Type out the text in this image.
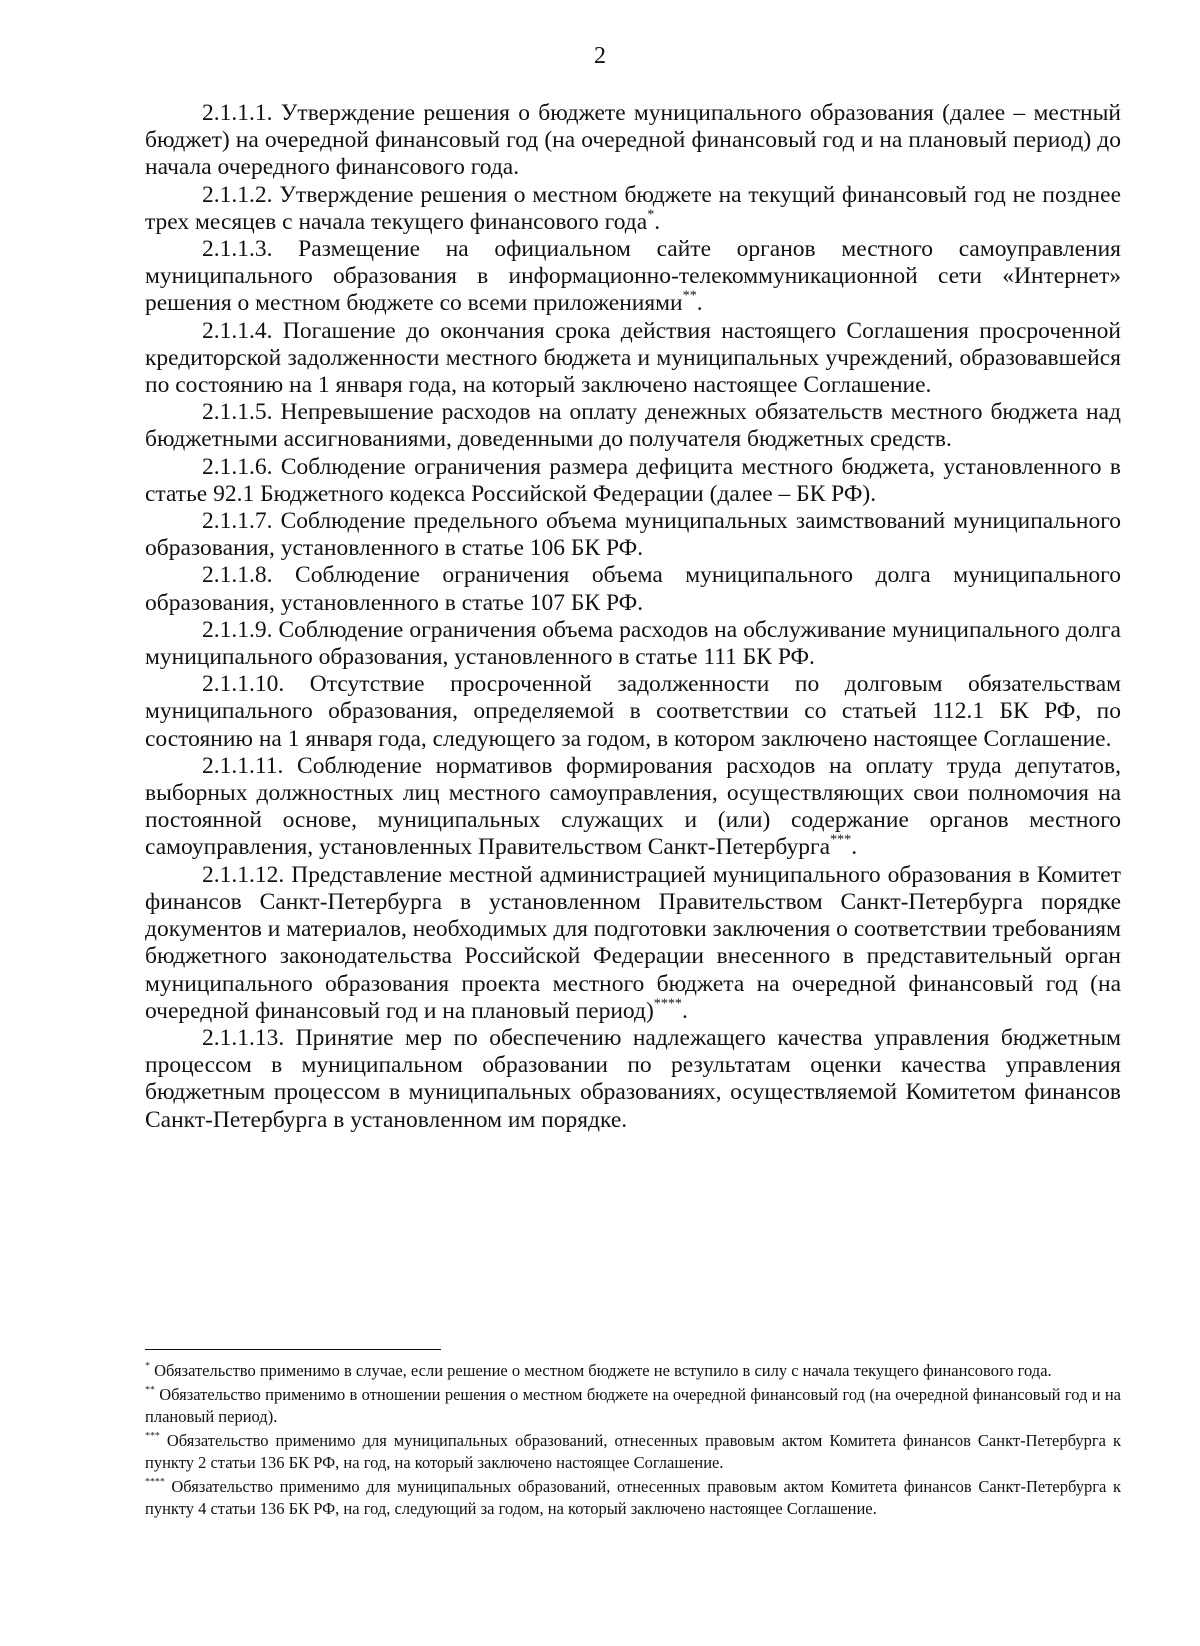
2

2.1.1.1. Утверждение решения о бюджете муниципального образования (далее – местный бюджет) на очередной финансовый год (на очередной финансовый год и на плановый период) до начала очередного финансового года.

2.1.1.2. Утверждение решения о местном бюджете на текущий финансовый год не позднее трех месяцев с начала текущего финансового года*.

2.1.1.3. Размещение на официальном сайте органов местного самоуправления муниципального образования в информационно-телекоммуникационной сети «Интернет» решения о местном бюджете со всеми приложениями**.

2.1.1.4. Погашение до окончания срока действия настоящего Соглашения просроченной кредиторской задолженности местного бюджета и муниципальных учреждений, образовавшейся по состоянию на 1 января года, на который заключено настоящее Соглашение.

2.1.1.5. Непревышение расходов на оплату денежных обязательств местного бюджета над бюджетными ассигнованиями, доведенными до получателя бюджетных средств.

2.1.1.6. Соблюдение ограничения размера дефицита местного бюджета, установленного в статье 92.1 Бюджетного кодекса Российской Федерации (далее – БК РФ).

2.1.1.7. Соблюдение предельного объема муниципальных заимствований муниципального образования, установленного в статье 106 БК РФ.

2.1.1.8. Соблюдение ограничения объема муниципального долга муниципального образования, установленного в статье 107 БК РФ.

2.1.1.9. Соблюдение ограничения объема расходов на обслуживание муниципального долга муниципального образования, установленного в статье 111 БК РФ.

2.1.1.10. Отсутствие просроченной задолженности по долговым обязательствам муниципального образования, определяемой в соответствии со статьей 112.1 БК РФ, по состоянию на 1 января года, следующего за годом, в котором заключено настоящее Соглашение.

2.1.1.11. Соблюдение нормативов формирования расходов на оплату труда депутатов, выборных должностных лиц местного самоуправления, осуществляющих свои полномочия на постоянной основе, муниципальных служащих и (или) содержание органов местного самоуправления, установленных Правительством Санкт-Петербурга***.

2.1.1.12. Представление местной администрацией муниципального образования в Комитет финансов Санкт-Петербурга в установленном Правительством Санкт-Петербурга порядке документов и материалов, необходимых для подготовки заключения о соответствии требованиям бюджетного законодательства Российской Федерации внесенного в представительный орган муниципального образования проекта местного бюджета на очередной финансовый год (на очередной финансовый год и на плановый период)****.

2.1.1.13. Принятие мер по обеспечению надлежащего качества управления бюджетным процессом в муниципальном образовании по результатам оценки качества управления бюджетным процессом в муниципальных образованиях, осуществляемой Комитетом финансов Санкт-Петербурга в установленном им порядке.

* Обязательство применимо в случае, если решение о местном бюджете не вступило в силу с начала текущего финансового года.

** Обязательство применимо в отношении решения о местном бюджете на очередной финансовый год (на очередной финансовый год и на плановый период).

*** Обязательство применимо для муниципальных образований, отнесенных правовым актом Комитета финансов Санкт-Петербурга к пункту 2 статьи 136 БК РФ, на год, на который заключено настоящее Соглашение.

**** Обязательство применимо для муниципальных образований, отнесенных правовым актом Комитета финансов Санкт-Петербурга к пункту 4 статьи 136 БК РФ, на год, следующий за годом, на который заключено настоящее Соглашение.
